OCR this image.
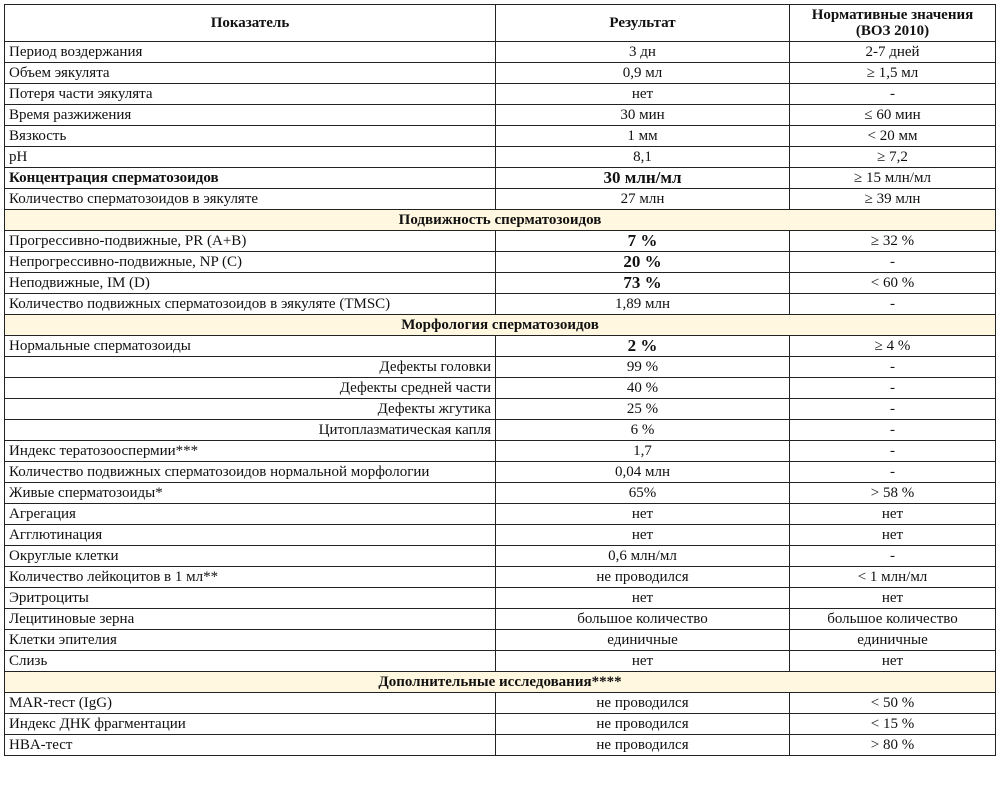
Показатель	Результат	Нормативные значения (ВОЗ 2010)
Период воздержания	3 дн	2-7 дней
Объем эякулята	0,9 мл	≥ 1,5 мл
Потеря части эякулята	нет	-
Время разжижения	30 мин	≤ 60 мин
Вязкость	1 мм	< 20 мм
pH	8,1	≥ 7,2
Концентрация сперматозоидов	30 млн/мл	≥ 15 млн/мл
Количество сперматозоидов в эякуляте	27 млн	≥ 39 млн
Подвижность сперматозоидов		
Прогрессивно-подвижные, PR (A+B)	7 %	≥ 32 %
Непрогрессивно-подвижные, NP (C)	20 %	-
Неподвижные, IM (D)	73 %	< 60 %
Количество подвижных сперматозоидов в эякуляте (TMSC)	1,89 млн	-
Морфология сперматозоидов		
Нормальные сперматозоиды	2 %	≥ 4 %
Дефекты головки	99 %	-
Дефекты средней части	40 %	-
Дефекты жгутика	25 %	-
Цитоплазматическая капля	6 %	-
Индекс тератозооспермии***	1,7	-
Количество подвижных сперматозоидов нормальной морфологии	0,04 млн	-
Живые сперматозоиды*	65%	> 58 %
Агрегация	нет	нет
Агглютинация	нет	нет
Округлые клетки	0,6 млн/мл	-
Количество лейкоцитов в 1 мл**	не проводился	< 1 млн/мл
Эритроциты	нет	нет
Лецитиновые зерна	большое количество	большое количество
Клетки эпителия	единичные	единичные
Слизь	нет	нет
Дополнительные исследования****		
MAR-тест (IgG)	не проводился	< 50 %
Индекс ДНК фрагментации	не проводился	< 15 %
HBA-тест	не проводился	> 80 %
